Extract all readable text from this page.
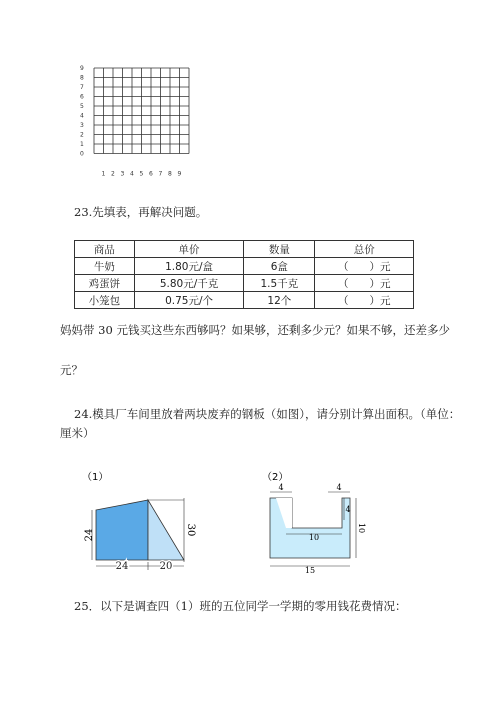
9
8
7
6
5
4
3
2
1
0
1 2 3 4 5 6 7 8 9
23.先填表，再解决问题。
商品	单价	数量	总价
牛奶	1.80元/盒	6盒	（　　）元
鸡蛋饼	5.80元/千克	1.5千克	（　　）元
小笼包	0.75元/个	12个	（　　）元
妈妈带 30 元钱买这些东西够吗？如果够，还剩多少元？如果不够，还差多少
元？
24.模具厂车间里放着两块废弃的钢板（如图），请分别计算出面积。（单位：
厘米）
（1）
24
24	20
30
（2）
4	4
4
10
10
15
25．以下是调查四（1）班的五位同学一学期的零用钱花费情况：
